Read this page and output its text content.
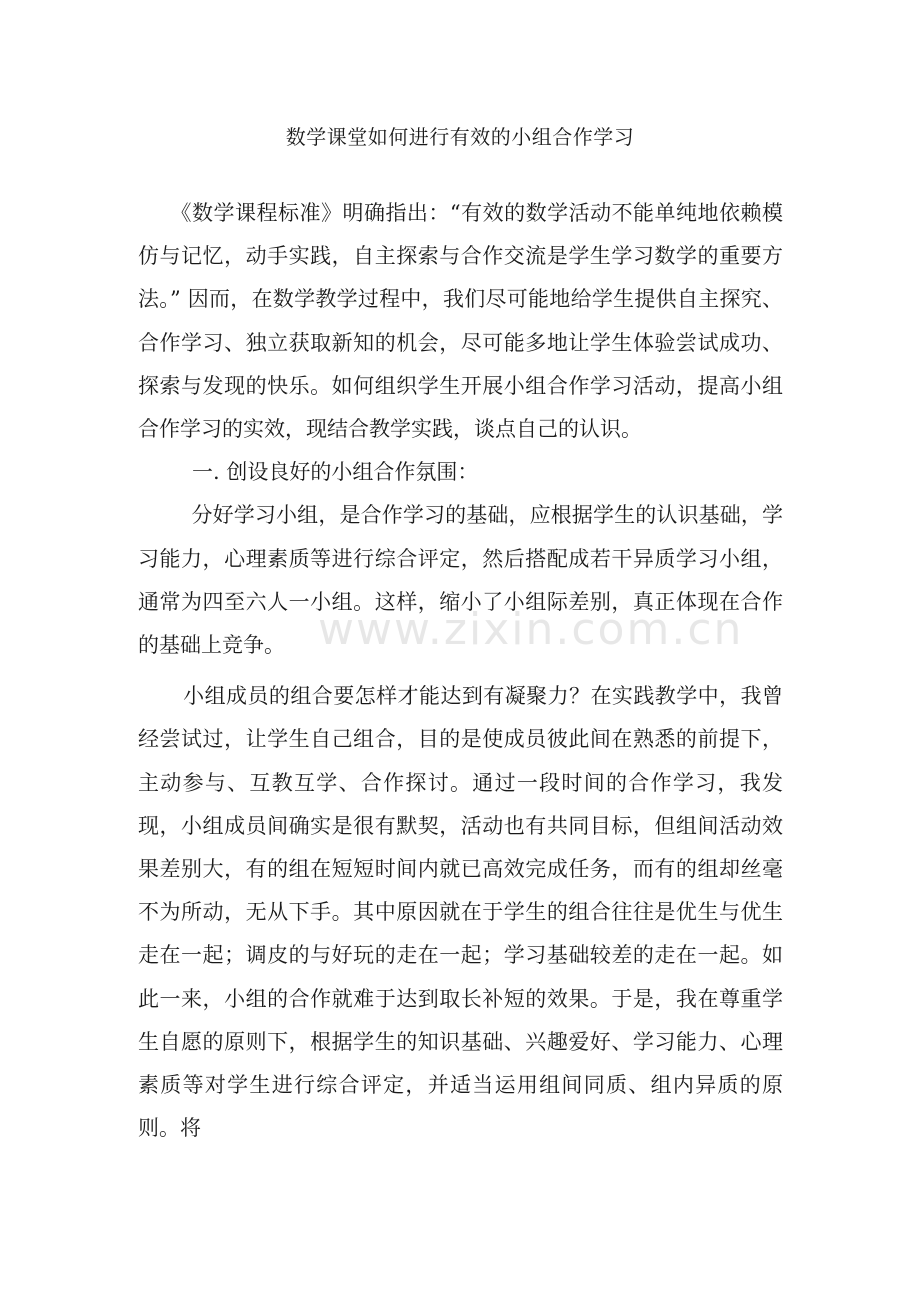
数学课堂如何进行有效的小组合作学习

《数学课程标准》明确指出：“有效的数学活动不能单纯地依赖模仿与记忆，动手实践，自主探索与合作交流是学生学习数学的重要方法。” 因而，在数学教学过程中，我们尽可能地给学生提供自主探究、合作学习、独立获取新知的机会，尽可能多地让学生体验尝试成功、探索与发现的快乐。如何组织学生开展小组合作学习活动，提高小组合作学习的实效，现结合教学实践，谈点自己的认识。

一. 创设良好的小组合作氛围：

分好学习小组，是合作学习的基础，应根据学生的认识基础，学习能力，心理素质等进行综合评定，然后搭配成若干异质学习小组，通常为四至六人一小组。这样，缩小了小组际差别，真正体现在合作的基础上竞争。

小组成员的组合要怎样才能达到有凝聚力？在实践教学中，我曾经尝试过，让学生自己组合，目的是使成员彼此间在熟悉的前提下，主动参与、互教互学、合作探讨。通过一段时间的合作学习，我发现，小组成员间确实是很有默契，活动也有共同目标，但组间活动效果差别大，有的组在短短时间内就已高效完成任务，而有的组却丝毫不为所动，无从下手。其中原因就在于学生的组合往往是优生与优生走在一起；调皮的与好玩的走在一起；学习基础较差的走在一起。如此一来，小组的合作就难于达到取长补短的效果。于是，我在尊重学生自愿的原则下，根据学生的知识基础、兴趣爱好、学习能力、心理素质等对学生进行综合评定，并适当运用组间同质、组内异质的原则。将

www.zixin.com.cn
